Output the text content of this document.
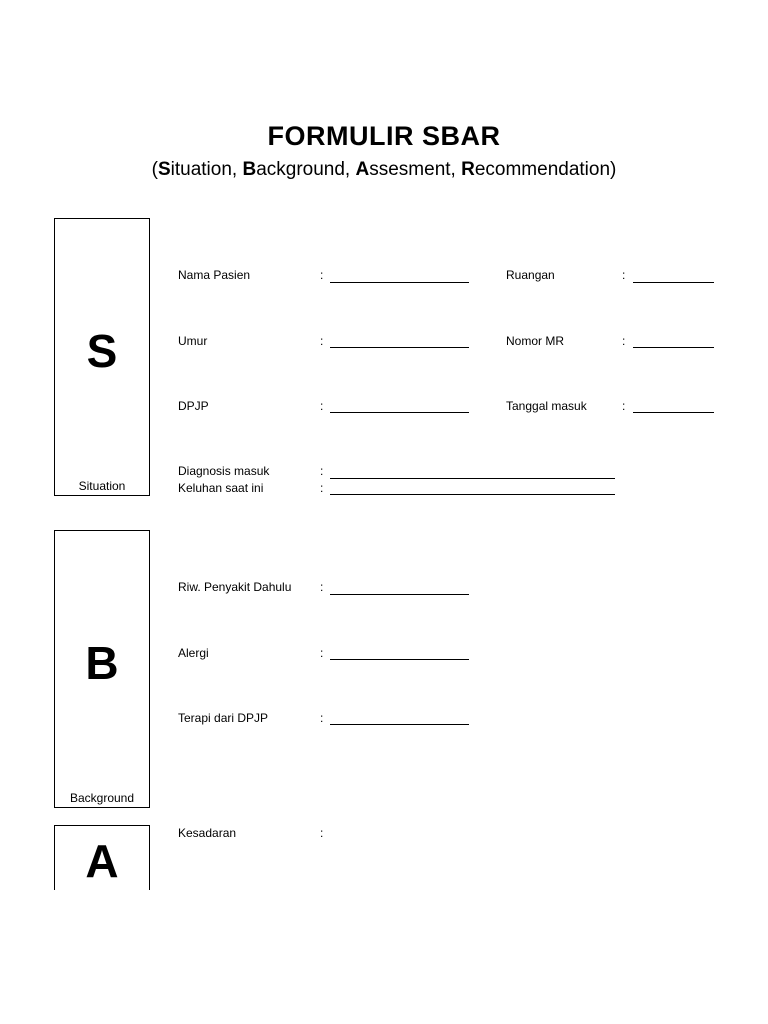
FORMULIR SBAR
(Situation, Background, Assesment, Recommendation)
S
Situation
B
Background
A
Nama Pasien	:	Ruangan	:
Umur	:	Nomor MR	:
DPJP	:	Tanggal masuk	:
Diagnosis masuk	:
Keluhan saat ini	:
Riw. Penyakit Dahulu :
Alergi	:
Terapi dari DPJP	:
Kesadaran	:
